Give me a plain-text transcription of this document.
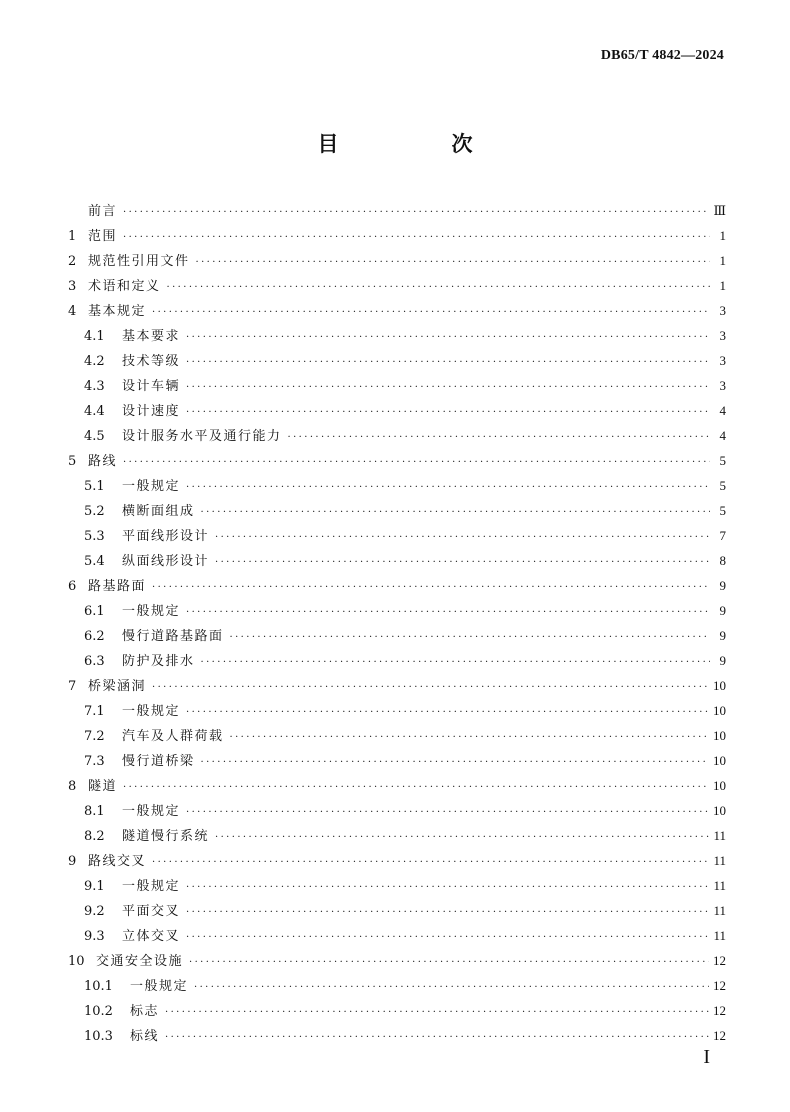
DB65/T 4842—2024
目　次
前言 ·····	Ⅲ
1 范围 ·····	1
2 规范性引用文件 ·····	1
3 术语和定义 ·····	1
4 基本规定 ·····	3
4.1	基本要求 ·····	3
4.2	技术等级 ·····	3
4.3	设计车辆 ·····	3
4.4	设计速度 ·····	4
4.5	设计服务水平及通行能力 ·····	4
5 路线 ·····	5
5.1	一般规定 ·····	5
5.2	横断面组成 ·····	5
5.3	平面线形设计 ·····	7
5.4	纵面线形设计 ·····	8
6 路基路面 ·····	9
6.1	一般规定 ·····	9
6.2	慢行道路基路面 ·····	9
6.3	防护及排水 ·····	9
7 桥梁涵洞 ·····	10
7.1	一般规定 ·····	10
7.2	汽车及人群荷载 ·····	10
7.3	慢行道桥梁 ·····	10
8 隧道 ·····	10
8.1	一般规定 ·····	10
8.2	隧道慢行系统 ·····	11
9 路线交叉 ·····	11
9.1	一般规定 ·····	11
9.2	平面交叉 ·····	11
9.3	立体交叉 ·····	11
10 交通安全设施 ·····	12
10.1	一般规定 ·····	12
10.2	标志 ·····	12
10.3	标线 ·····	12
I
